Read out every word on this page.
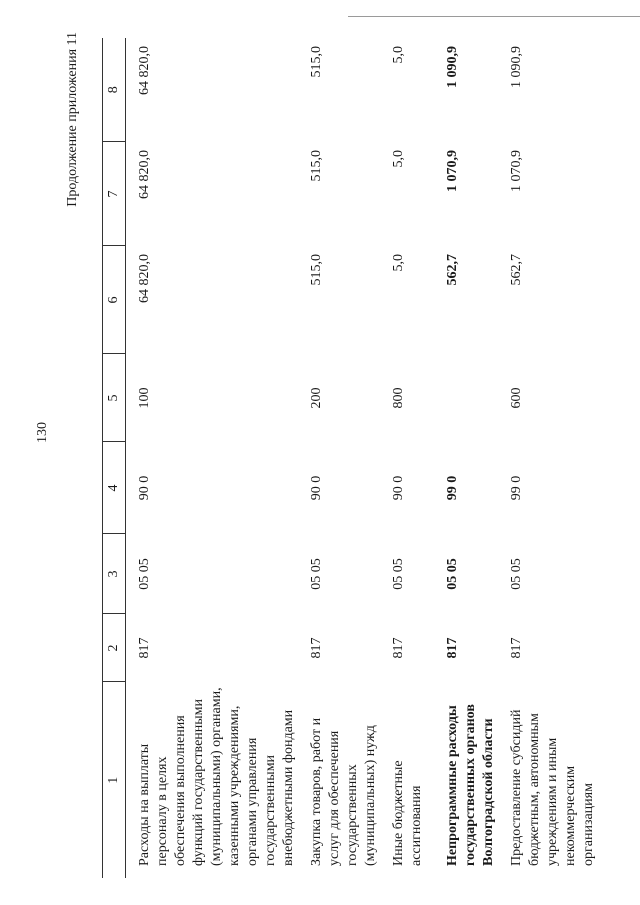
130
Продолжение приложения 11
1	2	3	4	5	6	7	8
Расходы на выплаты персоналу в целях обеспечения выполнения функций государственными (муниципальными) органами, казенными учреждениями, органами управления государственными внебюджетными фондами	817	05 05	90 0	100	64 820,0	64 820,0	64 820,0
Закупка товаров, работ и услуг для обеспечения государственных (муниципальных) нужд	817	05 05	90 0	200	515,0	515,0	515,0
Иные бюджетные ассигнования	817	05 05	90 0	800	5,0	5,0	5,0
Непрограммные расходы государственных органов Волгоградской области	817	05 05	99 0		562,7	1 070,9	1 090,9
Предоставление субсидий бюджетным, автономным учреждениям и иным некоммерческим организациям	817	05 05	99 0	600	562,7	1 070,9	1 090,9
